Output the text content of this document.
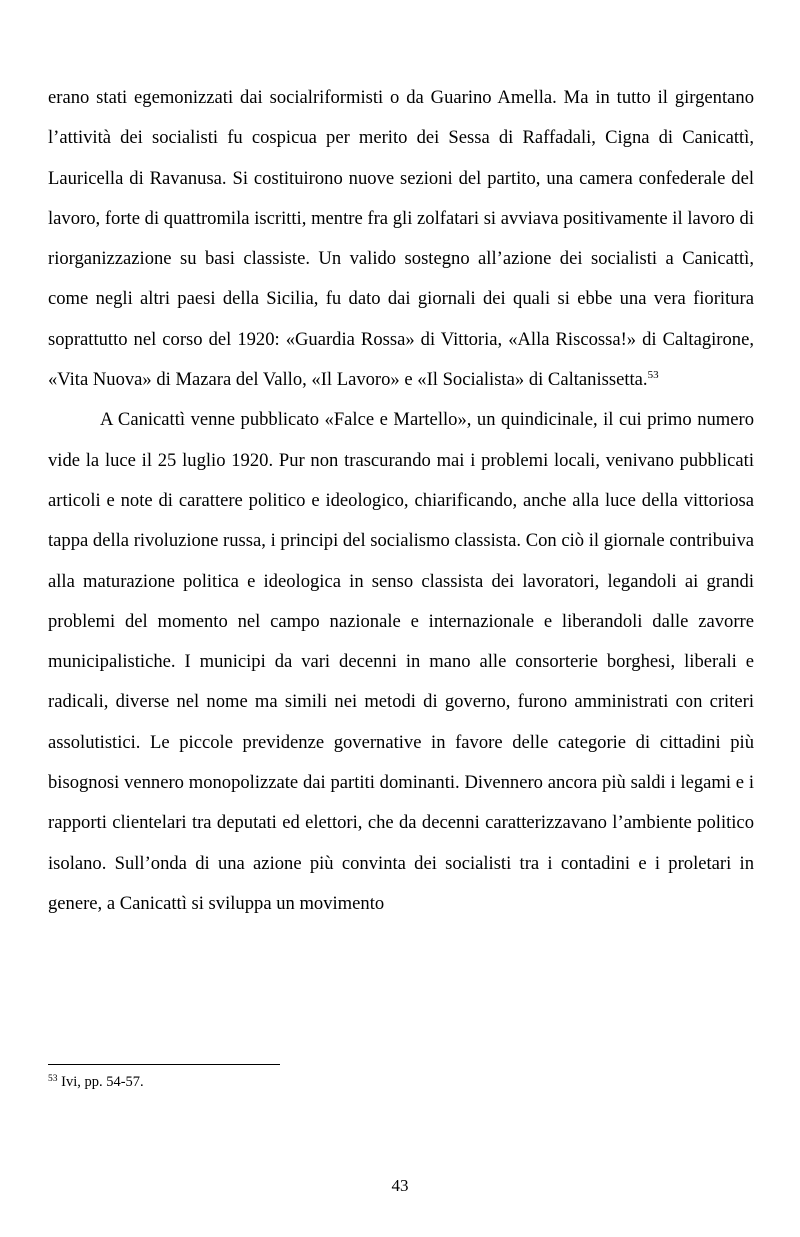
erano stati egemonizzati dai socialriformisti o da Guarino Amella. Ma in tutto il girgentano l’attività dei socialisti fu cospicua per merito dei Sessa di Raffadali, Cigna di Canicattì, Lauricella di Ravanusa. Si costituirono nuove sezioni del partito, una camera confederale del lavoro, forte di quattromila iscritti, mentre fra gli zolfatari si avviava positivamente il lavoro di riorganizzazione su basi classiste. Un valido sostegno all’azione dei socialisti a Canicattì, come negli altri paesi della Sicilia, fu dato dai giornali dei quali si ebbe una vera fioritura soprattutto nel corso del 1920: «Guardia Rossa» di Vittoria, «Alla Riscossa!» di Caltagirone, «Vita Nuova» di Mazara del Vallo, «Il Lavoro» e «Il Socialista» di Caltanissetta.$^{53}$

A Canicattì venne pubblicato «Falce e Martello», un quindicinale, il cui primo numero vide la luce il 25 luglio 1920. Pur non trascurando mai i problemi locali, venivano pubblicati articoli e note di carattere politico e ideologico, chiarificando, anche alla luce della vittoriosa tappa della rivoluzione russa, i principi del socialismo classista. Con ciò il giornale contribuiva alla maturazione politica e ideologica in senso classista dei lavoratori, legandoli ai grandi problemi del momento nel campo nazionale e internazionale e liberandoli dalle zavorre municipalistiche. I municipi da vari decenni in mano alle consorterie borghesi, liberali e radicali, diverse nel nome ma simili nei metodi di governo, furono amministrati con criteri assolutistici. Le piccole previdenze governative in favore delle categorie di cittadini più bisognosi vennero monopolizzate dai partiti dominanti. Divennero ancora più saldi i legami e i rapporti clientelari tra deputati ed elettori, che da decenni caratterizzavano l’ambiente politico isolano. Sull’onda di una azione più convinta dei socialisti tra i contadini e i proletari in genere, a Canicattì si sviluppa un movimento

$^{53}$ Ivi, pp. 54-57.
43
